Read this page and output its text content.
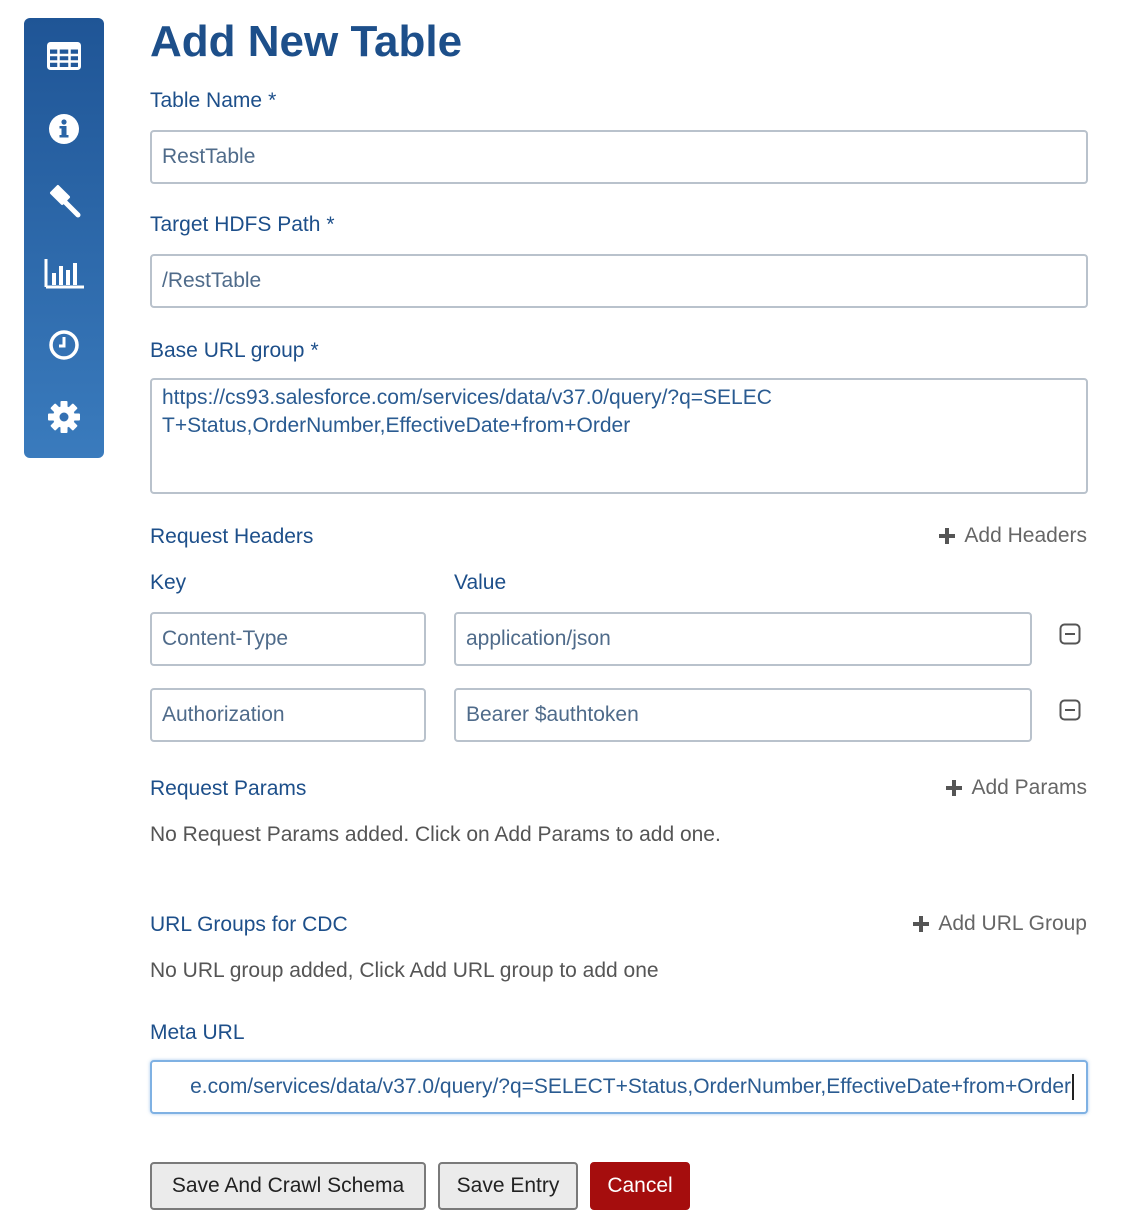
Add New Table
Table Name *
RestTable
Target HDFS Path *
/RestTable
Base URL group *
https://cs93.salesforce.com/services/data/v37.0/query/?q=SELECT+Status,OrderNumber,EffectiveDate+from+Order
Request Headers	Add Headers
Key	Value
Content-Type	application/json
Authorization	Bearer $authtoken
Request Params	Add Params
No Request Params added. Click on Add Params to add one.
URL Groups for CDC	Add URL Group
No URL group added, Click Add URL group to add one
Meta URL
e.com/services/data/v37.0/query/?q=SELECT+Status,OrderNumber,EffectiveDate+from+Order
Save And Crawl Schema	Save Entry	Cancel
